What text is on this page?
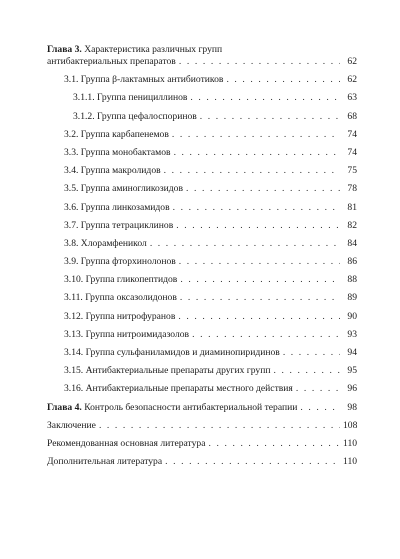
Глава 3. Характеристика различных групп
антибактериальных препаратов . . .	62
3.1. Группа β-лактамных антибиотиков . . .	62
3.1.1. Группа пенициллинов . . .	63
3.1.2. Группа цефалоспоринов . . .	68
3.2. Группа карбапенемов . . .	74
3.3. Группа монобактамов . . .	74
3.4. Группа макролидов . . .	75
3.5. Группа аминогликозидов . . .	78
3.6. Группа линкозамидов . . .	81
3.7. Группа тетрациклинов . . .	82
3.8. Хлорамфеникол . . .	84
3.9. Группа фторхинолонов . . .	86
3.10. Группа гликопептидов . . .	88
3.11. Группа оксазолидонов . . .	89
3.12. Группа нитрофуранов . . .	90
3.13. Группа нитроимидазолов . . .	93
3.14. Группа сульфаниламидов и диаминопиридинов . . .	94
3.15. Антибактериальные препараты других групп . . .	95
3.16. Антибактериальные препараты местного действия . . .	96
Глава 4. Контроль безопасности антибактериальной терапии . . .	98
Заключение . . .	108
Рекомендованная основная литература . . .	110
Дополнительная литература . . .	110
